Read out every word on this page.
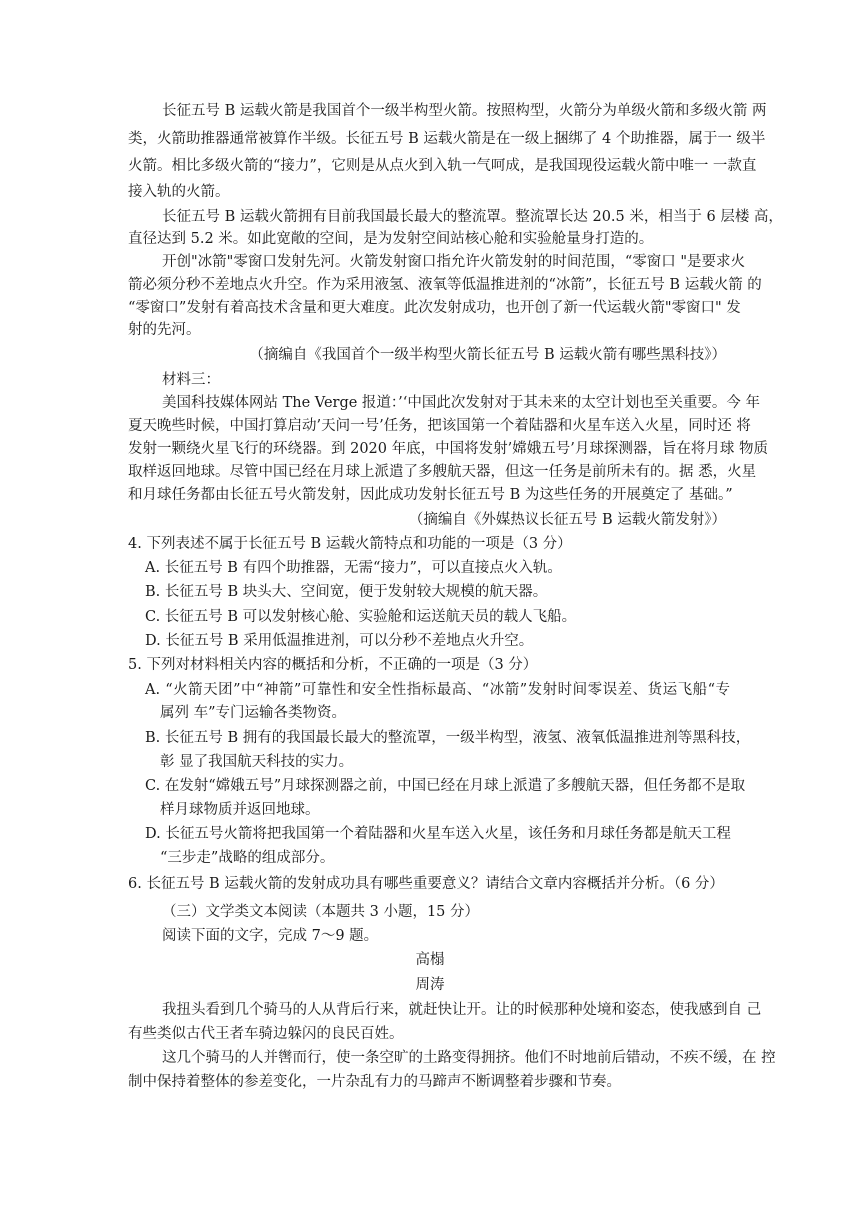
长征五号 B 运载火箭是我国首个一级半构型火箭。按照构型，火箭分为单级火箭和多级火箭 两
类，火箭助推器通常被算作半级。长征五号 B 运载火箭是在一级上捆绑了 4 个助推器，属于一 级半
火箭。相比多级火箭的“接力”，它则是从点火到入轨一气呵成，是我国现役运载火箭中唯一 一款直
接入轨的火箭。
长征五号 B 运载火箭拥有目前我国最长最大的整流罩。整流罩长达 20.5 米，相当于 6 层楼 高，
直径达到 5.2 米。如此宽敞的空间，是为发射空间站核心舱和实验舱量身打造的。
开创"冰箭"零窗口发射先河。火箭发射窗口指允许火箭发射的时间范围，“零窗口 "是要求火
箭必须分秒不差地点火升空。作为采用液氢、液氧等低温推进剂的“冰箭”，长征五号 B 运载火箭 的
“零窗口”发射有着高技术含量和更大难度。此次发射成功，也开创了新一代运载火箭"零窗口" 发
射的先河。
（摘编自《我国首个一级半构型火箭长征五号 B 运载火箭有哪些黑科技》）
材料三：
美国科技媒体网站 The Verge 报道：’‘中国此次发射对于其未来的太空计划也至关重要。今 年
夏天晚些时候，中国打算启动’天问一号’任务，把该国第一个着陆器和火星车送入火星，同时还 将
发射一颗绕火星飞行的环绕器。到 2020 年底，中国将发射’嫦娥五号’月球探测器，旨在将月球 物质
取样返回地球。尽管中国已经在月球上派遣了多艘航天器，但这一任务是前所未有的。据 悉，火星
和月球任务都由长征五号火箭发射，因此成功发射长征五号 B 为这些任务的开展奠定了 基础。”
（摘编自《外媒热议长征五号 B 运载火箭发射》）
4. 下列表述不属于长征五号 B 运载火箭特点和功能的一项是（3 分）
A. 长征五号 B 有四个助推器，无需“接力”，可以直接点火入轨。
B. 长征五号 B 块头大、空间宽，便于发射较大规模的航天器。
C. 长征五号 B 可以发射核心舱、实验舱和运送航天员的载人飞船。
D. 长征五号 B 采用低温推进剂，可以分秒不差地点火升空。
5. 下列对材料相关内容的概括和分析，不正确的一项是（3 分）
A. “火箭天团”中“神箭”可靠性和安全性指标最高、“冰箭”发射时间零误差、货运飞船“专
属列 车”专门运输各类物资。
B. 长征五号 B 拥有的我国最长最大的整流罩，一级半构型，液氢、液氧低温推进剂等黑科技，
彰 显了我国航天科技的实力。
C. 在发射“嫦娥五号”月球探测器之前，中国已经在月球上派遣了多艘航天器，但任务都不是取
样月球物质并返回地球。
D. 长征五号火箭将把我国第一个着陆器和火星车送入火星，该任务和月球任务都是航天工程
“三步走”战略的组成部分。
6. 长征五号 B 运载火箭的发射成功具有哪些重要意义？请结合文章内容概括并分析。（6 分）
（三）文学类文本阅读（本题共 3 小题，15 分）
阅读下面的文字，完成 7～9 题。
高榻
周涛
我扭头看到几个骑马的人从背后行来，就赶快让开。让的时候那种处境和姿态，使我感到自 己
有些类似古代王者车骑边躲闪的良民百姓。
这几个骑马的人并辔而行，使一条空旷的土路变得拥挤。他们不时地前后错动，不疾不缓，在 控
制中保持着整体的参差变化，一片杂乱有力的马蹄声不断调整着步骤和节奏。
